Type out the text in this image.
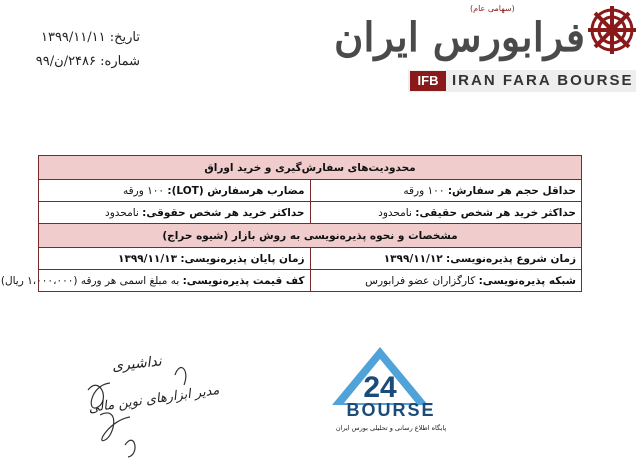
تاریخ: ۱۳۹۹/۱۱/۱۱
شماره: ۲۴۸۶/ن/۹۹
(سهامی عام)
فرابورس ایران
IFB IRAN FARA BOURSE
محدودیت‌های سفارش‌گیری و خرید اوراق	
حداقل حجم هر سفارش: ۱۰۰ ورقه	مضارب هرسفارش (LOT): ۱۰۰ ورقه
حداکثر خرید هر شخص حقیقی: نامحدود	حداکثر خرید هر شخص حقوقی: نامحدود
مشخصات و نحوه پذیره‌نویسی به روش بازار (شیوه حراج)	
زمان شروع پذیره‌نویسی: ۱۳۹۹/۱۱/۱۲	زمان پایان پذیره‌نویسی: ۱۳۹۹/۱۱/۱۳
شبکه پذیره‌نویسی: کارگزاران عضو فرابورس	کف قیمت پذیره‌نویسی: به مبلغ اسمی هر ورقه (۱،۰۰۰،۰۰۰ ریال)
نداشیری
مدیر ابزارهای نوین مالی	24
BOURSE
پایگاه اطلاع رسانی و تحلیلی بورس ایران
